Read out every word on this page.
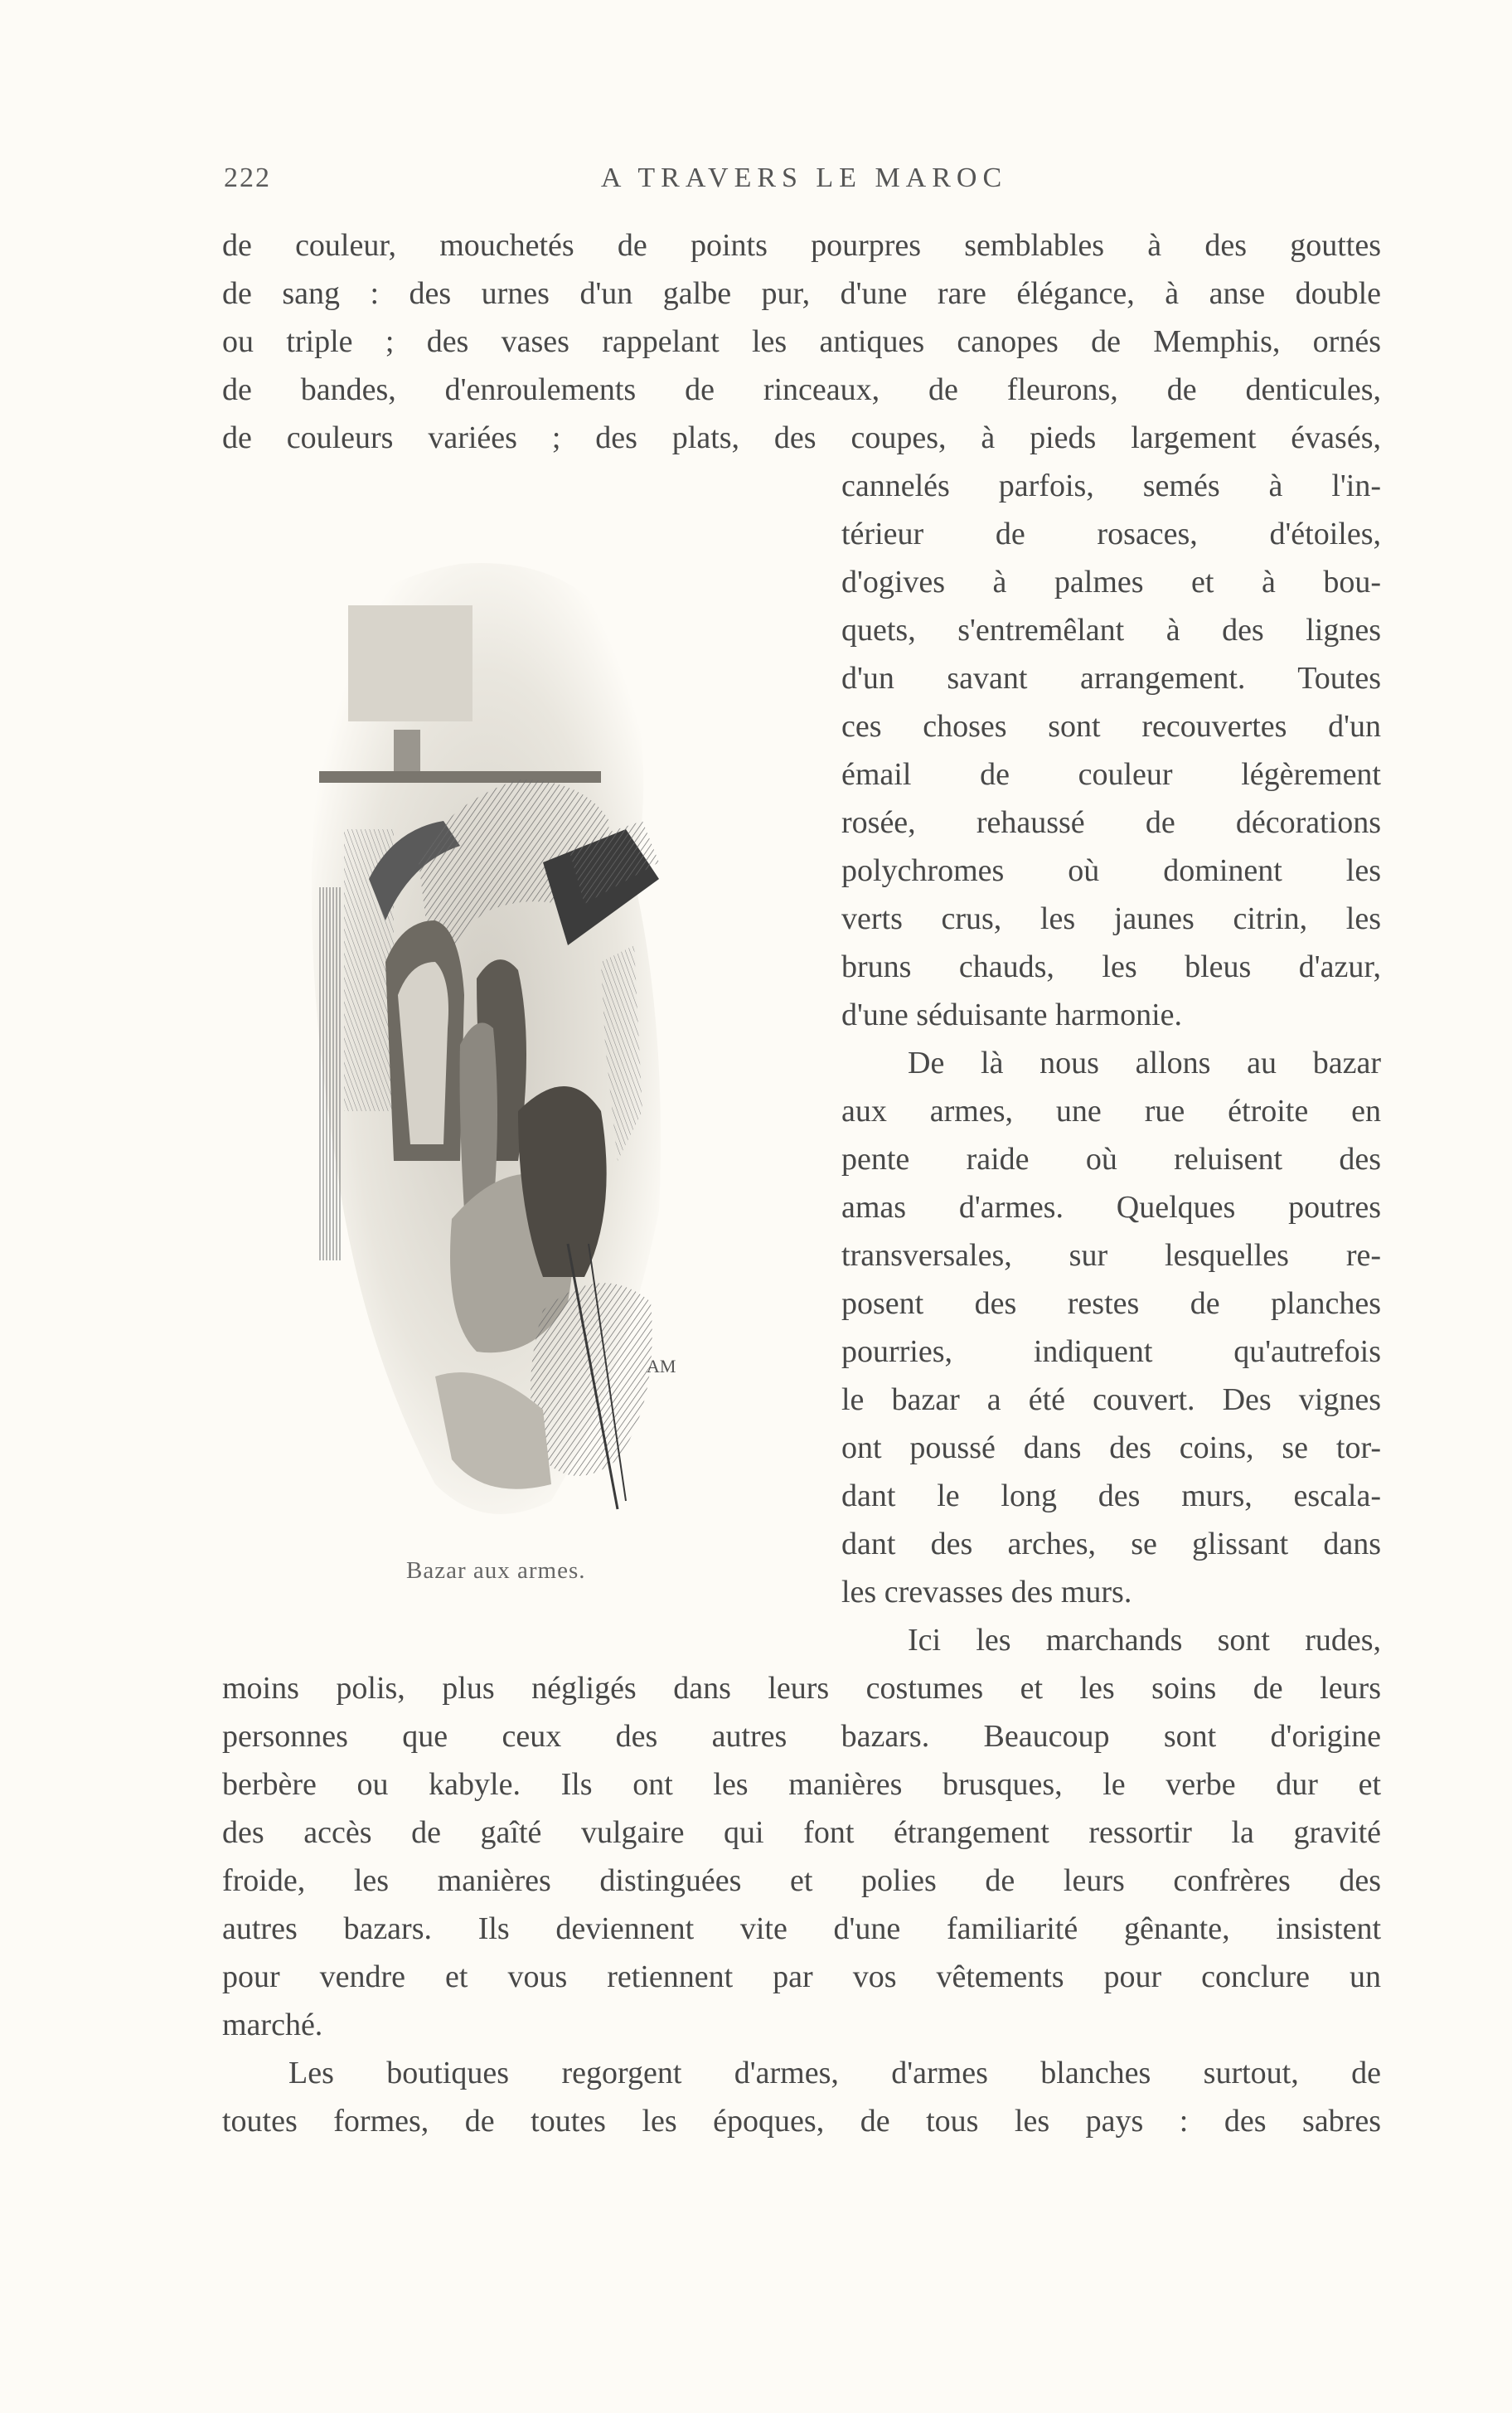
222	A TRAVERS LE MAROC
de couleur, mouchetés de points pourpres semblables à des gouttes
de sang : des urnes d'un galbe pur, d'une rare élégance, à anse double
ou triple ; des vases rappelant les antiques canopes de Memphis, ornés
de bandes, d'enroulements de rinceaux, de fleurons, de denticules,
de couleurs variées ; des plats, des coupes, à pieds largement évasés,
cannelés parfois, semés à l'in-
térieur de rosaces, d'étoiles,
d'ogives à palmes et à bou-
quets, s'entremêlant à des lignes
d'un savant arrangement. Toutes
ces choses sont recouvertes d'un
émail de couleur légèrement
rosée, rehaussé de décorations
polychromes où dominent les
verts crus, les jaunes citrin, les
bruns chauds, les bleus d'azur,
d'une séduisante harmonie.
De là nous allons au bazar
aux armes, une rue étroite en
pente raide où reluisent des
amas d'armes. Quelques poutres
transversales, sur lesquelles re-
posent des restes de planches
pourries, indiquent qu'autrefois
le bazar a été couvert. Des vignes
ont poussé dans des coins, se tor-
dant le long des murs, escala-
dant des arches, se glissant dans
les crevasses des murs.
Ici les marchands sont rudes,
moins polis, plus négligés dans leurs costumes et les soins de leurs
personnes que ceux des autres bazars. Beaucoup sont d'origine
berbère ou kabyle. Ils ont les manières brusques, le verbe dur et
des accès de gaîté vulgaire qui font étrangement ressortir la gravité
froide, les manières distinguées et polies de leurs confrères des
autres bazars. Ils deviennent vite d'une familiarité gênante, insistent
pour vendre et vous retiennent par vos vêtements pour conclure un
marché.
Les boutiques regorgent d'armes, d'armes blanches surtout, de
toutes formes, de toutes les époques, de tous les pays : des sabres
AM
Bazar aux armes.
